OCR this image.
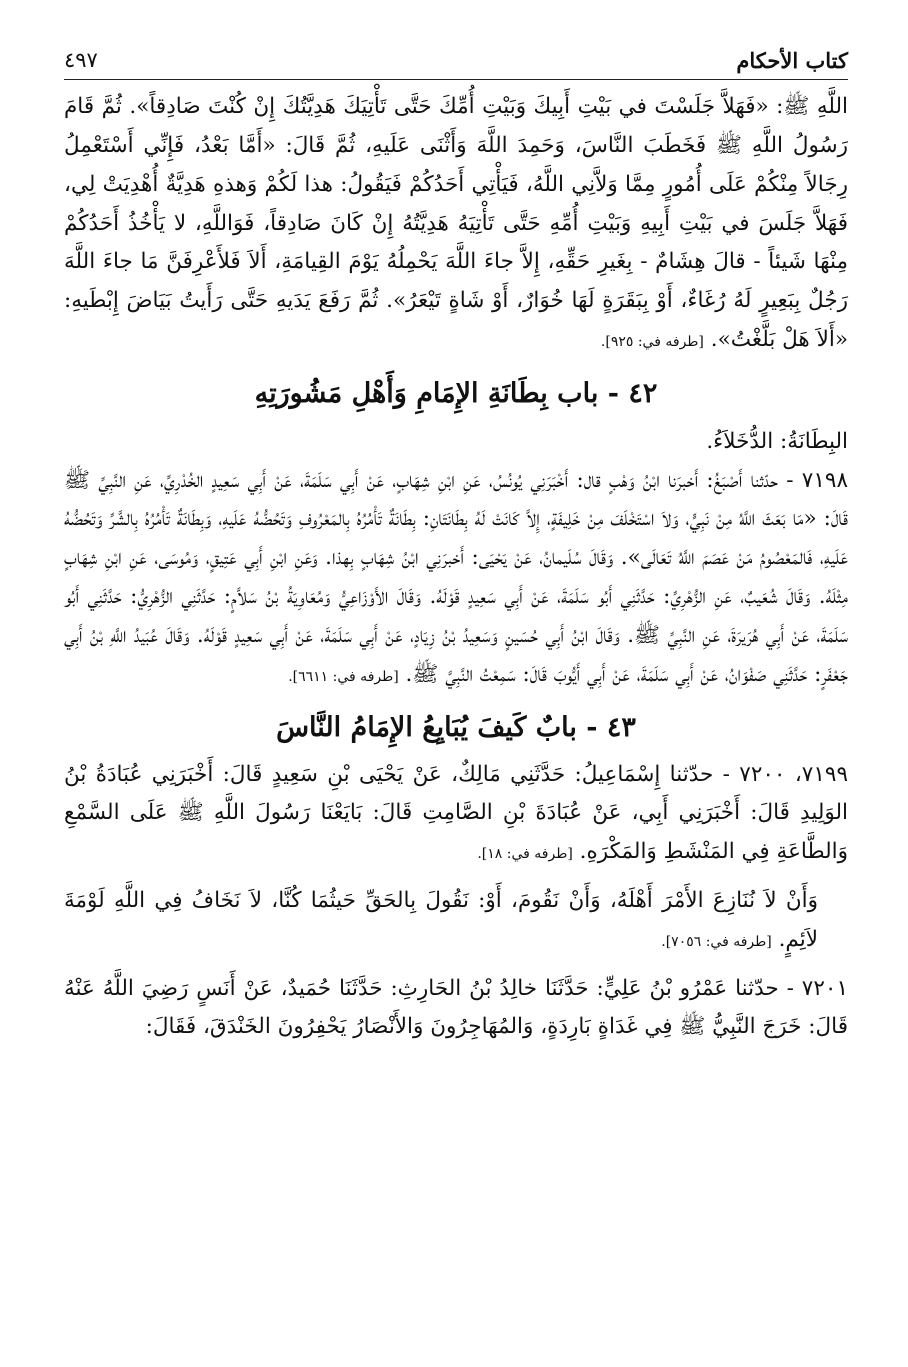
كتاب الأحكام
٤٩٧

اللَّهِ ﷺ: «فَهَلاَّ جَلَسْتَ في بَيْتِ أَبِيكَ وَبَيْتِ أُمِّكَ حَتَّى تَأْتِيَكَ هَدِيَّتُكَ إِنْ كُنْتَ صَادِقاً». ثُمَّ قَامَ رَسُولُ اللَّهِ ﷺ فَخَطَبَ النَّاسَ، وَحَمِدَ اللَّهَ وَأَثْنَى عَلَيهِ، ثُمَّ قَالَ: «أَمَّا بَعْدُ، فَإِنِّي أَسْتَعْمِلُ رِجَالاً مِنْكُمْ عَلَى أُمُورٍ مِمَّا وَلاَّنِي اللَّهُ، فَيَأْتِي أَحَدُكُمْ فَيَقُولُ: هذا لَكُمْ وَهذهِ هَدِيَّةٌ أُهْدِيَتْ لِي، فَهَلاَّ جَلَسَ في بَيْتِ أَبِيهِ وَبَيْتِ أُمِّهِ حَتَّى تَأْتِيَهُ هَدِيَّتُهُ إِنْ كَانَ صَادِقاً، فَوَاللَّهِ، لا يَأْخُذُ أَحَدُكُمْ مِنْهَا شَيئاً - قالَ هِشَامٌ - بِغَيرِ حَقِّهِ، إِلاَّ جاءَ اللَّهَ يَحْمِلُهُ يَوْمَ القِيامَةِ، أَلاَ فَلأَعْرِفَنَّ مَا جاءَ اللَّهَ رَجُلٌ بِبَعِيرٍ لَهُ رُغَاءٌ، أَوْ بِبَقَرَةٍ لَهَا خُوَارٌ، أَوْ شَاةٍ تَيْعَرُ». ثُمَّ رَفَعَ يَدَيهِ حَتَّى رَأَيتُ بَيَاضَ إِبْطَيهِ: «أَلاَ هَلْ بَلَّغْتُ». [طرفه في: ٩٢٥].

٤٢ - باب بِطَانَةِ الإِمَامِ وَأَهْلِ مَشُورَتِهِ

البِطَانَةُ: الدُّخَلاَءُ.

٧١٩٨ - حدّثنا أَصْبَغُ: أَخبرَنا ابْنُ وَهْبٍ قال: أَخْبَرَنِي يُونُسُ، عَنِ ابْنِ شِهَابٍ، عَنْ أَبِي سَلَمَةَ، عَنْ أَبِي سَعِيدٍ الخُدْرِيِّ، عَنِ النَّبِيِّ ﷺ قَالَ: «مَا بَعَثَ اللَّهُ مِنْ نَبِيٍّ، وَلاَ اسْتَخْلَفَ مِنْ خَلِيفَةٍ، إِلاَّ كَانَتْ لَهُ بِطَانَتَانِ: بِطَانَةٌ تَأْمُرُهُ بِالمَعْرُوفِ وَتَحُضُّهُ عَلَيهِ، وَبِطَانَةٌ تَأْمُرُهُ بِالشَّرِّ وَتَحُضُّهُ عَلَيهِ، فَالمَعْصُومُ مَنْ عَصَمَ اللَّهُ تَعَالَى». وَقَالَ سُلَيمانُ، عَنْ يَحْيَى: أَخبرَنِي ابْنُ شِهَابٍ بِهذا. وَعَنِ ابْنِ أَبِي عَتِيقٍ، وَمُوسَى، عَنِ ابْنِ شِهَابٍ مِثْلَهُ. وَقَالَ شُعَيبٌ، عَنِ الزُّهْرِيِّ: حَدَّثَنِي أَبُو سَلَمَةَ، عَنْ أَبِي سَعِيدٍ قَوْلَهُ. وَقَالَ الأَوْزَاعِيُّ وَمُعَاوِيَةُ بْنُ سَلاَّمٍ: حَدَّثَنِي الزُّهْرِيُّ: حَدَّثَنِي أَبُو سَلَمَةَ، عَنْ أَبِي هُرَيرَةَ، عَنِ النَّبِيِّ ﷺ. وَقَالَ ابْنُ أَبِي حُسَينٍ وَسَعِيدُ بْنُ زِيَادٍ، عَنْ أَبِي سَلَمَةَ، عَنْ أَبِي سَعِيدٍ قَوْلَهُ. وَقَالَ عُبَيدُ اللَّهِ بْنُ أَبِي جَعْفَرٍ: حَدَّثَنِي صَفْوَانُ، عَنْ أَبِي سَلَمَةَ، عَنْ أَبِي أَيُّوبَ قَالَ: سَمِعْتُ النَّبِيَّ ﷺ. [طرفه في: ٦٦١١].

٤٣ - بابٌ كَيفَ يُبَايِعُ الإِمَامُ النَّاسَ

٧١٩٩، ٧٢٠٠ - حدّثنا إِسْمَاعِيلُ: حَدَّثَنِي مَالِكٌ، عَنْ يَحْيَى بْنِ سَعِيدٍ قَالَ: أَخْبَرَنِي عُبَادَةُ بْنُ الوَلِيدِ قَالَ: أَخْبَرَنِي أَبِي، عَنْ عُبَادَةَ بْنِ الصَّامِتِ قَالَ: بَايَعْنَا رَسُولَ اللَّهِ ﷺ عَلَى السَّمْعِ وَالطَّاعَةِ فِي المَنْشَطِ وَالمَكْرَهِ. [طرفه في: ١٨].

وَأَنْ لاَ نُنَازِعَ الأَمْرَ أَهْلَهُ، وَأَنْ نَقُومَ، أَوْ: نَقُولَ بِالحَقِّ حَيثُمَا كُنَّا، لاَ نَخَافُ فِي اللَّهِ لَوْمَةَ لاَئِمٍ. [طرفه في: ٧٠٥٦].

٧٢٠١ - حدّثنا عَمْرُو بْنُ عَلِيٍّ: حَدَّثَنَا خالِدُ بْنُ الحَارِثِ: حَدَّثَنَا حُمَيدٌ، عَنْ أَنَسٍ رَضِيَ اللَّهُ عَنْهُ قَالَ: خَرَجَ النَّبِيُّ ﷺ فِي غَدَاةٍ بَارِدَةٍ، وَالمُهَاجِرُونَ وَالأَنْصَارُ يَحْفِرُونَ الخَنْدَقَ، فَقَالَ:
